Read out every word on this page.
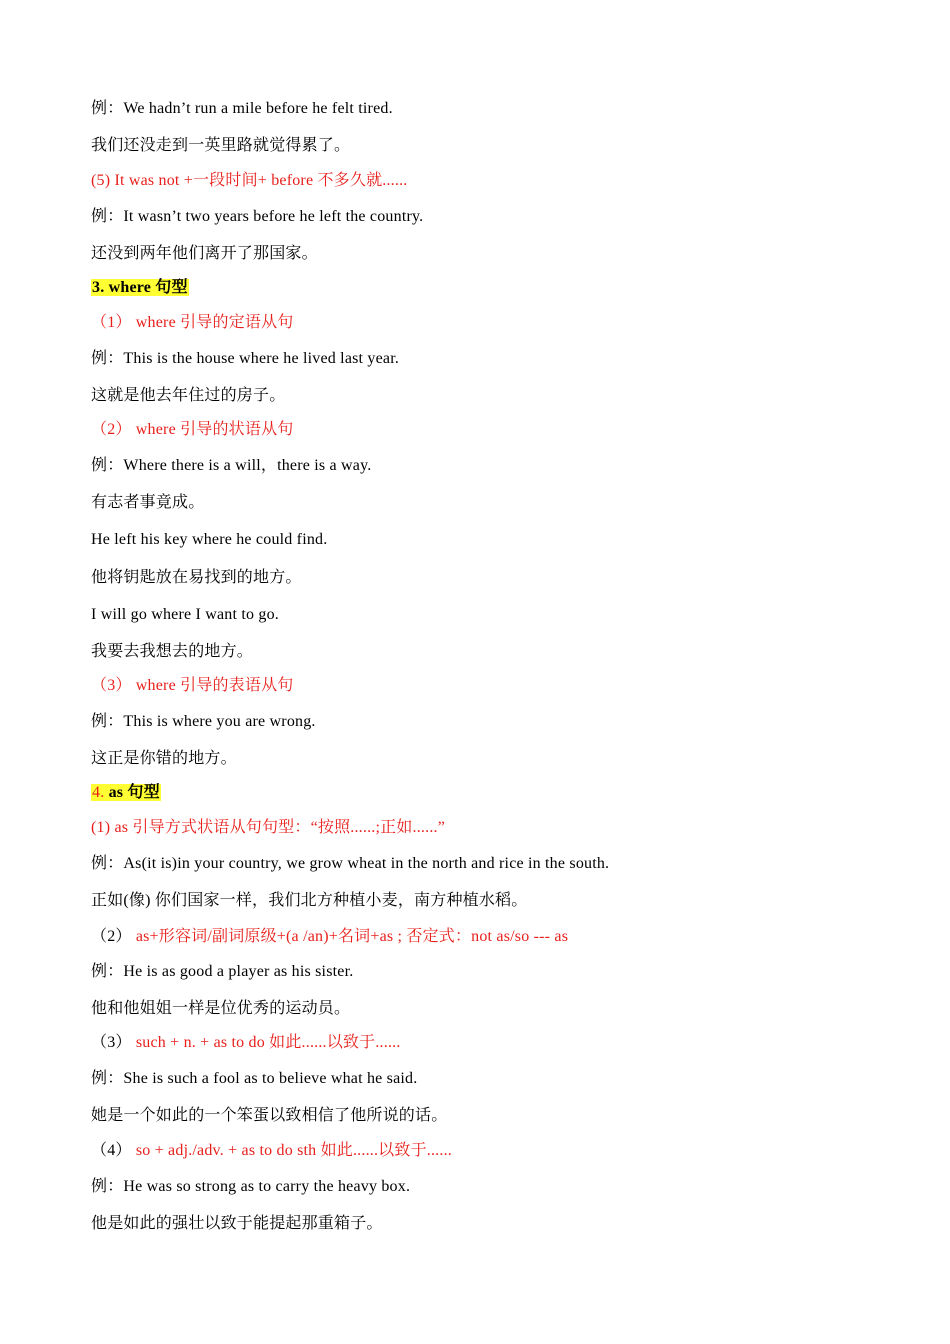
例：We hadn’t run a mile before he felt tired.
我们还没走到一英里路就觉得累了。
(5) It was not +一段时间+ before 不多久就......
例：It wasn’t two years before he left the country.
还没到两年他们离开了那国家。
3. where 句型
（1） where 引导的定语从句
例：This is the house where he lived last year.
这就是他去年住过的房子。
（2） where 引导的状语从句
例：Where there is a will，there is a way.
有志者事竟成。
He left his key where he could find.
他将钥匙放在易找到的地方。
I will go where I want to go.
我要去我想去的地方。
（3） where 引导的表语从句
例：This is where you are wrong.
这正是你错的地方。
4. as 句型
(1) as 引导方式状语从句句型：“按照......;正如......”
例：As(it is)in your country, we grow wheat in the north and rice in the south.
正如(像) 你们国家一样，我们北方种植小麦，南方种植水稻。
（2） as+形容词/副词原级+(a /an)+名词+as ; 否定式：not as/so --- as
例：He is as good a player as his sister.
他和他姐姐一样是位优秀的运动员。
（3） such + n. + as to do 如此......以致于......
例：She is such a fool as to believe what he said.
她是一个如此的一个笨蛋以致相信了他所说的话。
（4） so + adj./adv. + as to do sth 如此......以致于......
例：He was so strong as to carry the heavy box.
他是如此的强壮以致于能提起那重箱子。
